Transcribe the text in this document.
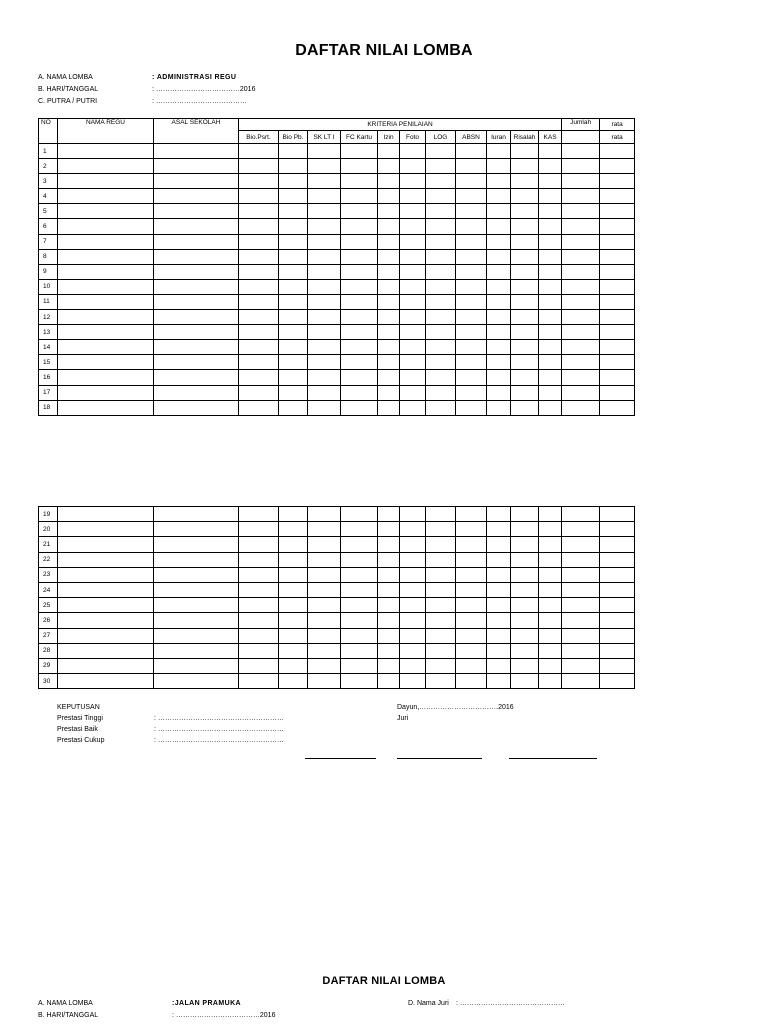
DAFTAR NILAI LOMBA
A. NAMA LOMBA	: ADMINISTRASI REGU
B. HARI/TANGGAL	: ………………………………2016
C. PUTRA / PUTRI	: …………………………………
NO	NAMA REGU	ASAL SEKOLAH	KRITERIA PENILAIAN											Jumlah	rata
			Bio.Psrt.	Bio Pb.	SK LT I	FC Kartu	Izin	Foto	LOG	ABSN	Iuran	Risalah	KAS		rata
1															
2															
3															
4															
5															
6															
7															
8															
9															
10															
11															
12															
13															
14															
15															
16															
17															
18															
19															
20															
21															
22															
23															
24															
25															
26															
27															
28															
29															
30															
KEPUTUSAN
Prestasi Tinggi	: ………………………………………………
Prestasi Baik	: ………………………………………………
Prestasi Cukup	: ………………………………………………
Dayun,…………………………….2016
Juri
DAFTAR NILAI LOMBA
A. NAMA LOMBA	:JALAN PRAMUKA
B. HARI/TANGGAL	: ………………………………2016
D. Nama Juri	: ………………………………………
